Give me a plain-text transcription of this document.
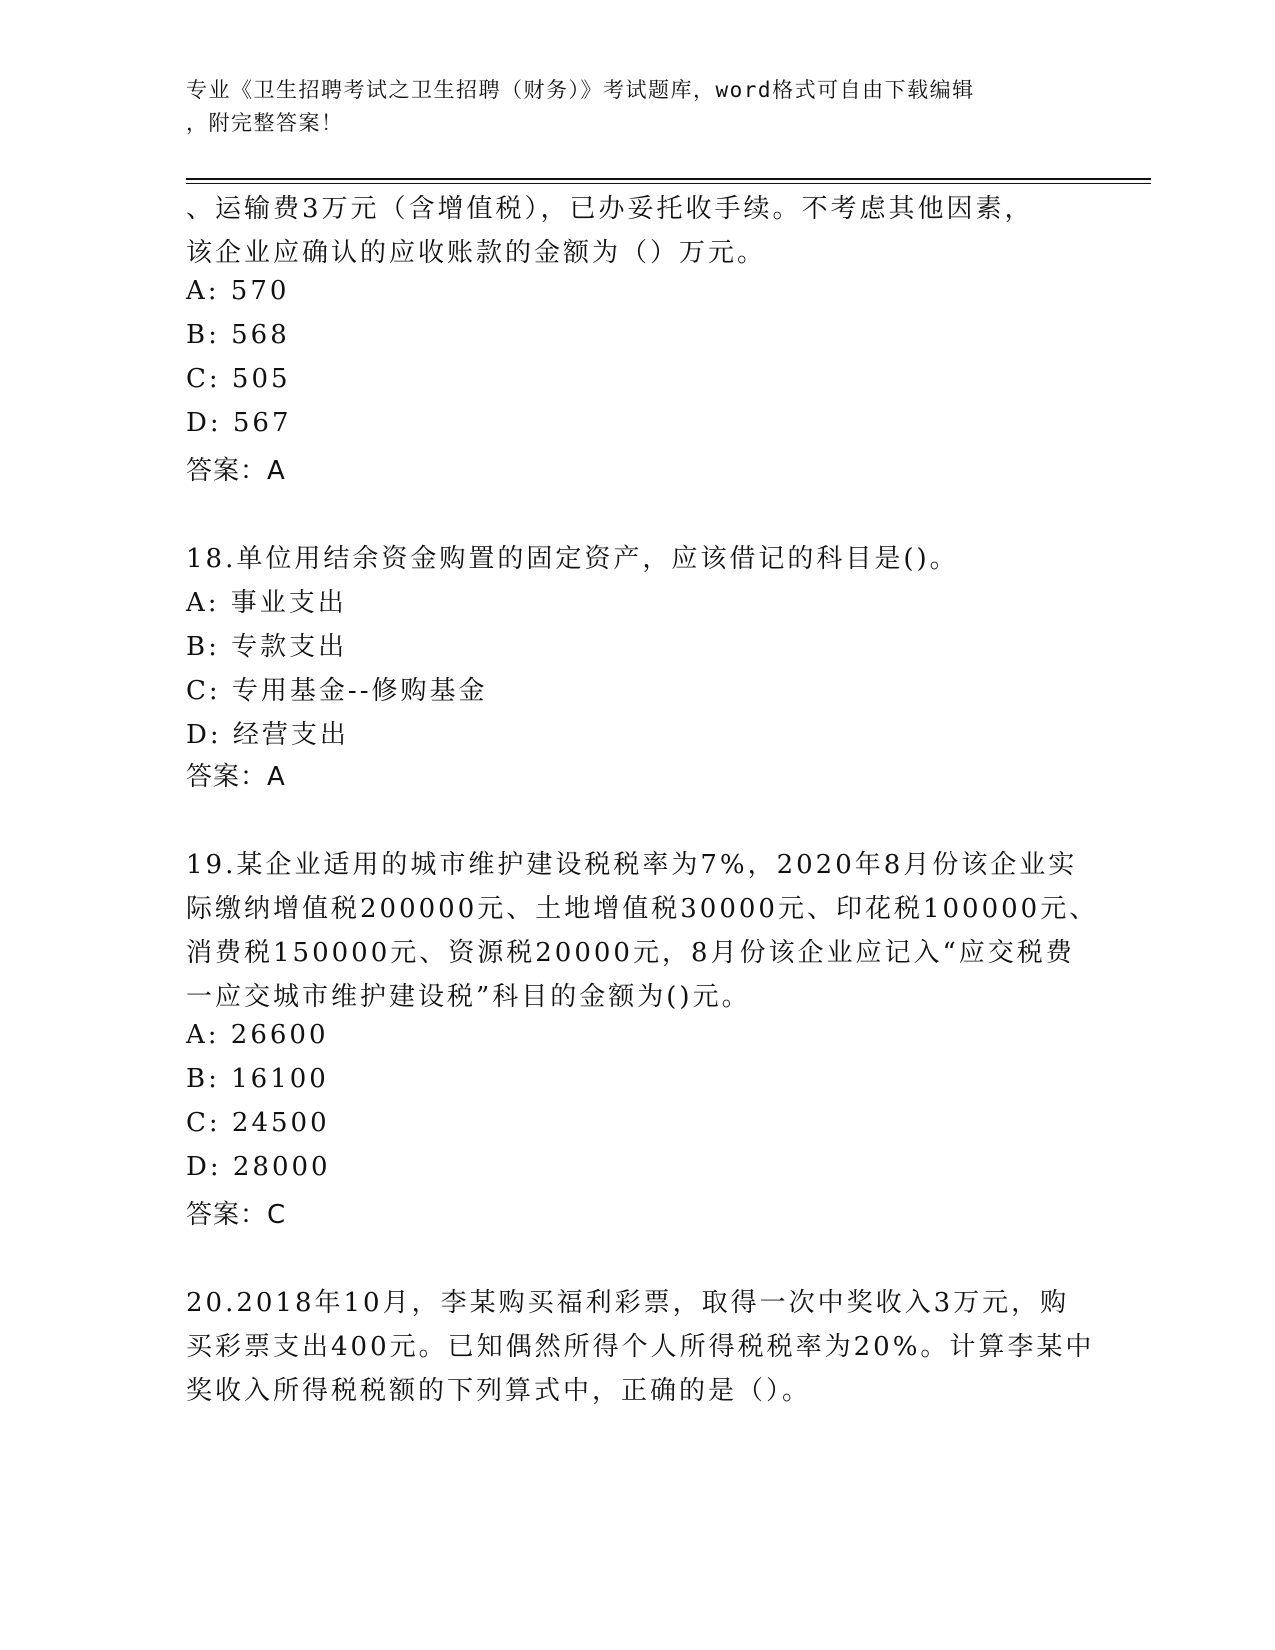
专业《卫生招聘考试之卫生招聘（财务）》考试题库，word格式可自由下载编辑

，附完整答案！

、运输费3万元（含增值税），已办妥托收手续。不考虑其他因素，

该企业应确认的应收账款的金额为（）万元。

A: 570

B: 568

C: 505

D: 567

答案：A

18.单位用结余资金购置的固定资产，应该借记的科目是()。

A: 事业支出

B: 专款支出

C: 专用基金--修购基金

D: 经营支出

答案：A

19.某企业适用的城市维护建设税税率为7%，2020年8月份该企业实

际缴纳增值税200000元、土地增值税30000元、印花税100000元、

消费税150000元、资源税20000元，8月份该企业应记入“应交税费

一应交城市维护建设税”科目的金额为()元。

A: 26600

B: 16100

C: 24500

D: 28000

答案：C

20.2018年10月，李某购买福利彩票，取得一次中奖收入3万元，购

买彩票支出400元。已知偶然所得个人所得税税率为20%。计算李某中

奖收入所得税税额的下列算式中，正确的是（）。
